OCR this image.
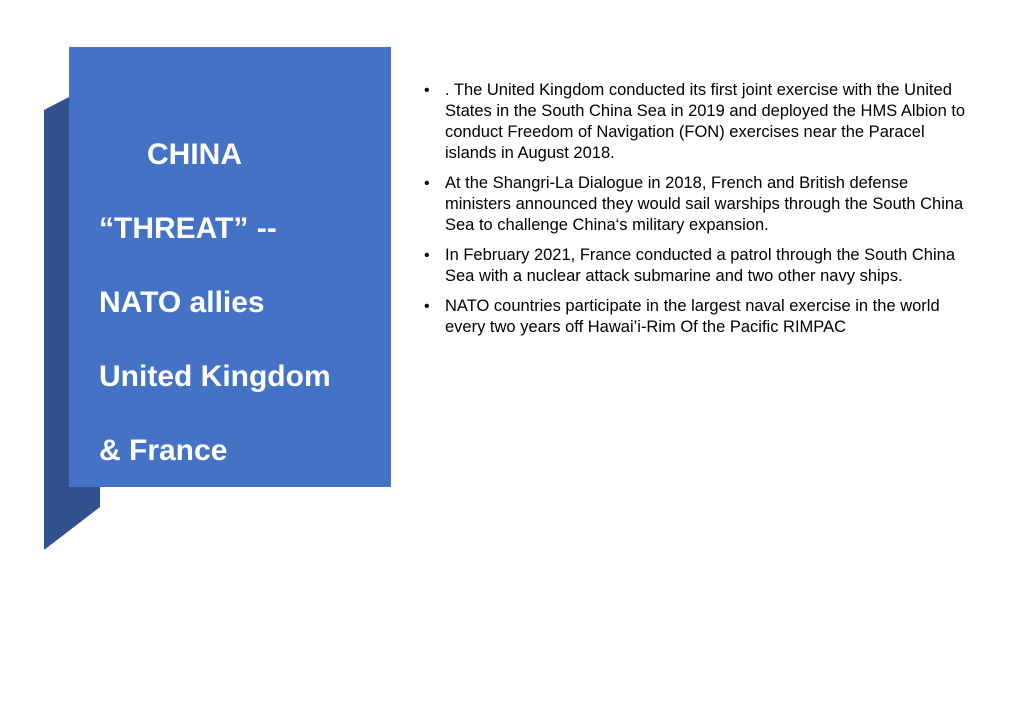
CHINA

“THREAT” --

NATO allies

United Kingdom

& France

increased

presence in the

Indo-Pacific

• . The United Kingdom conducted its first joint exercise with the United States in the South China Sea in 2019 and deployed the HMS Albion to conduct Freedom of Navigation (FON) exercises near the Paracel islands in August 2018.
• At the Shangri-La Dialogue in 2018, French and British defense ministers announced they would sail warships through the South China Sea to challenge China‘s military expansion.
• In February 2021, France conducted a patrol through the South China Sea with a nuclear attack submarine and two other navy ships.
• NATO countries participate in the largest naval exercise in the world every two years off Hawai’i-Rim Of the Pacific RIMPAC
